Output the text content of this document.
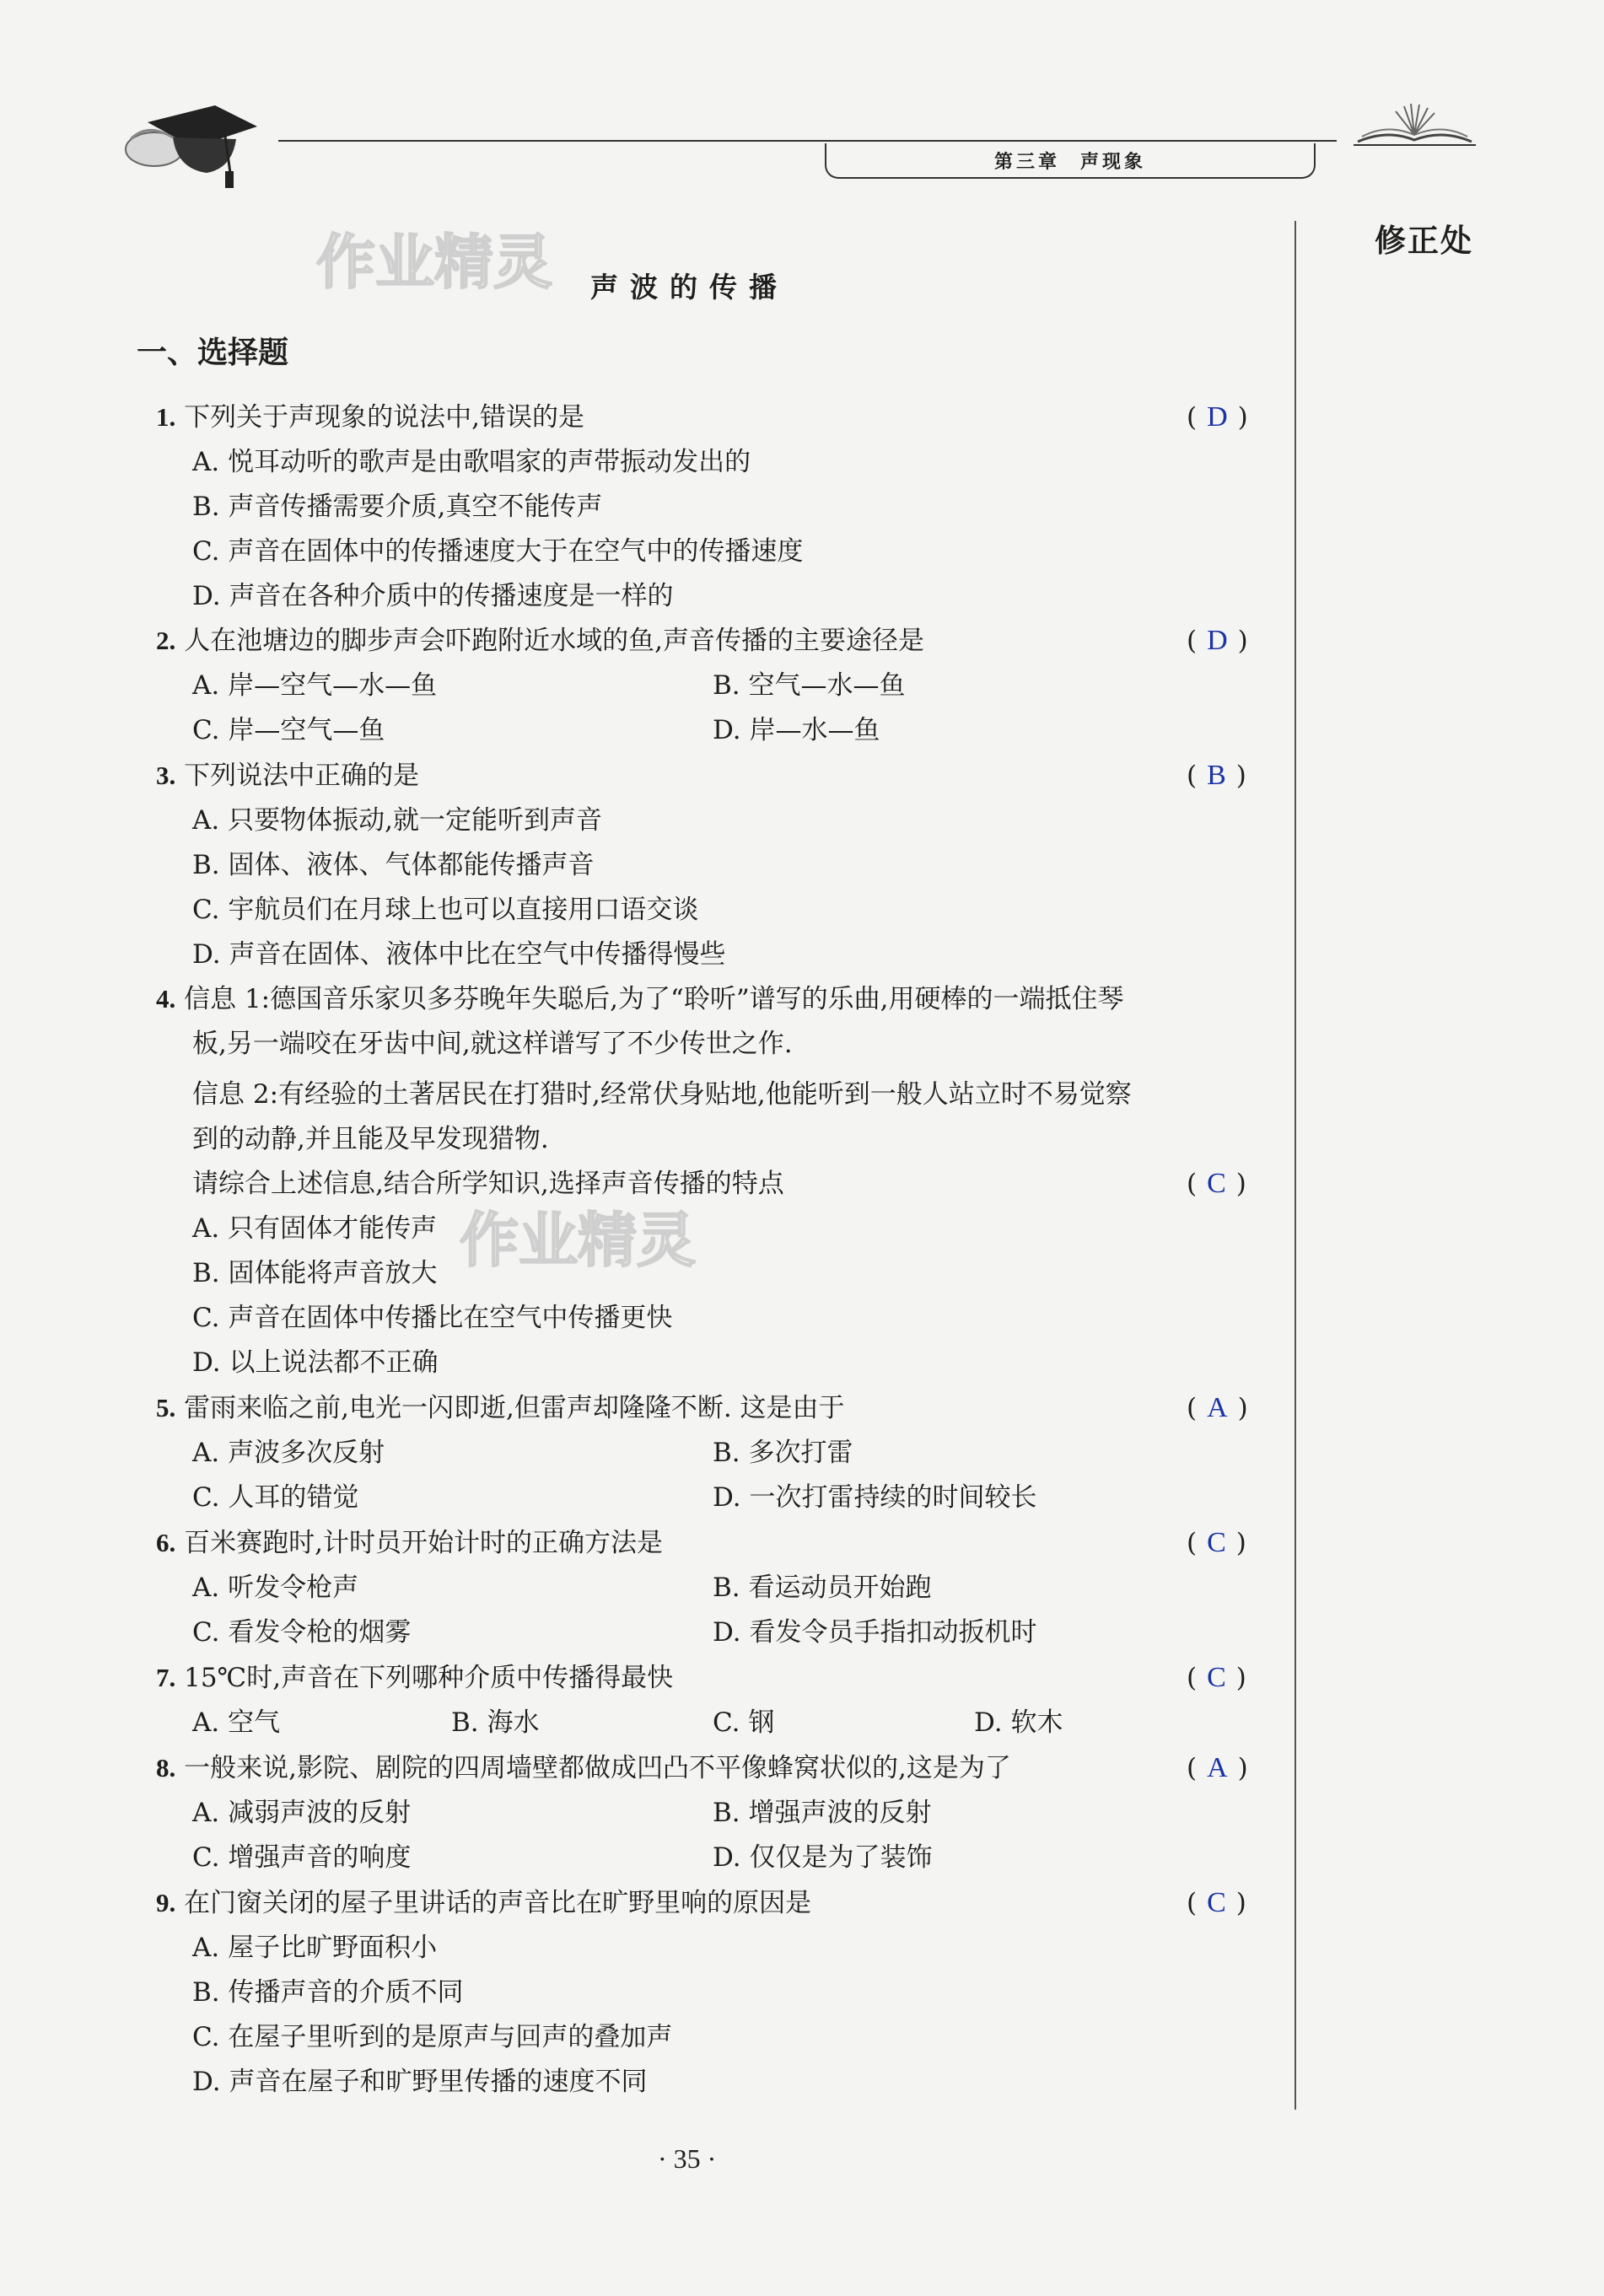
第三章 声现象
修正处
作业精灵
作业精灵
声波的传播
一、选择题
1. 下列关于声现象的说法中,错误的是	( D )
A. 悦耳动听的歌声是由歌唱家的声带振动发出的
B. 声音传播需要介质,真空不能传声
C. 声音在固体中的传播速度大于在空气中的传播速度
D. 声音在各种介质中的传播速度是一样的
2. 人在池塘边的脚步声会吓跑附近水域的鱼,声音传播的主要途径是	( D )
A. 岸—空气—水—鱼	B. 空气—水—鱼
C. 岸—空气—鱼	D. 岸—水—鱼
3. 下列说法中正确的是	( B )
A. 只要物体振动,就一定能听到声音
B. 固体、液体、气体都能传播声音
C. 宇航员们在月球上也可以直接用口语交谈
D. 声音在固体、液体中比在空气中传播得慢些
4. 信息 1:德国音乐家贝多芬晚年失聪后,为了“聆听”谱写的乐曲,用硬棒的一端抵住琴
板,另一端咬在牙齿中间,就这样谱写了不少传世之作.
信息 2:有经验的土著居民在打猎时,经常伏身贴地,他能听到一般人站立时不易觉察
到的动静,并且能及早发现猎物.
请综合上述信息,结合所学知识,选择声音传播的特点	( C )
A. 只有固体才能传声
B. 固体能将声音放大
C. 声音在固体中传播比在空气中传播更快
D. 以上说法都不正确
5. 雷雨来临之前,电光一闪即逝,但雷声却隆隆不断. 这是由于	( A )
A. 声波多次反射	B. 多次打雷
C. 人耳的错觉	D. 一次打雷持续的时间较长
6. 百米赛跑时,计时员开始计时的正确方法是	( C )
A. 听发令枪声	B. 看运动员开始跑
C. 看发令枪的烟雾	D. 看发令员手指扣动扳机时
7. 15℃时,声音在下列哪种介质中传播得最快	( C )
A. 空气	B. 海水	C. 钢	D. 软木
8. 一般来说,影院、剧院的四周墙壁都做成凹凸不平像蜂窝状似的,这是为了	( A )
A. 减弱声波的反射	B. 增强声波的反射
C. 增强声音的响度	D. 仅仅是为了装饰
9. 在门窗关闭的屋子里讲话的声音比在旷野里响的原因是	( C )
A. 屋子比旷野面积小
B. 传播声音的介质不同
C. 在屋子里听到的是原声与回声的叠加声
D. 声音在屋子和旷野里传播的速度不同
· 35 ·
